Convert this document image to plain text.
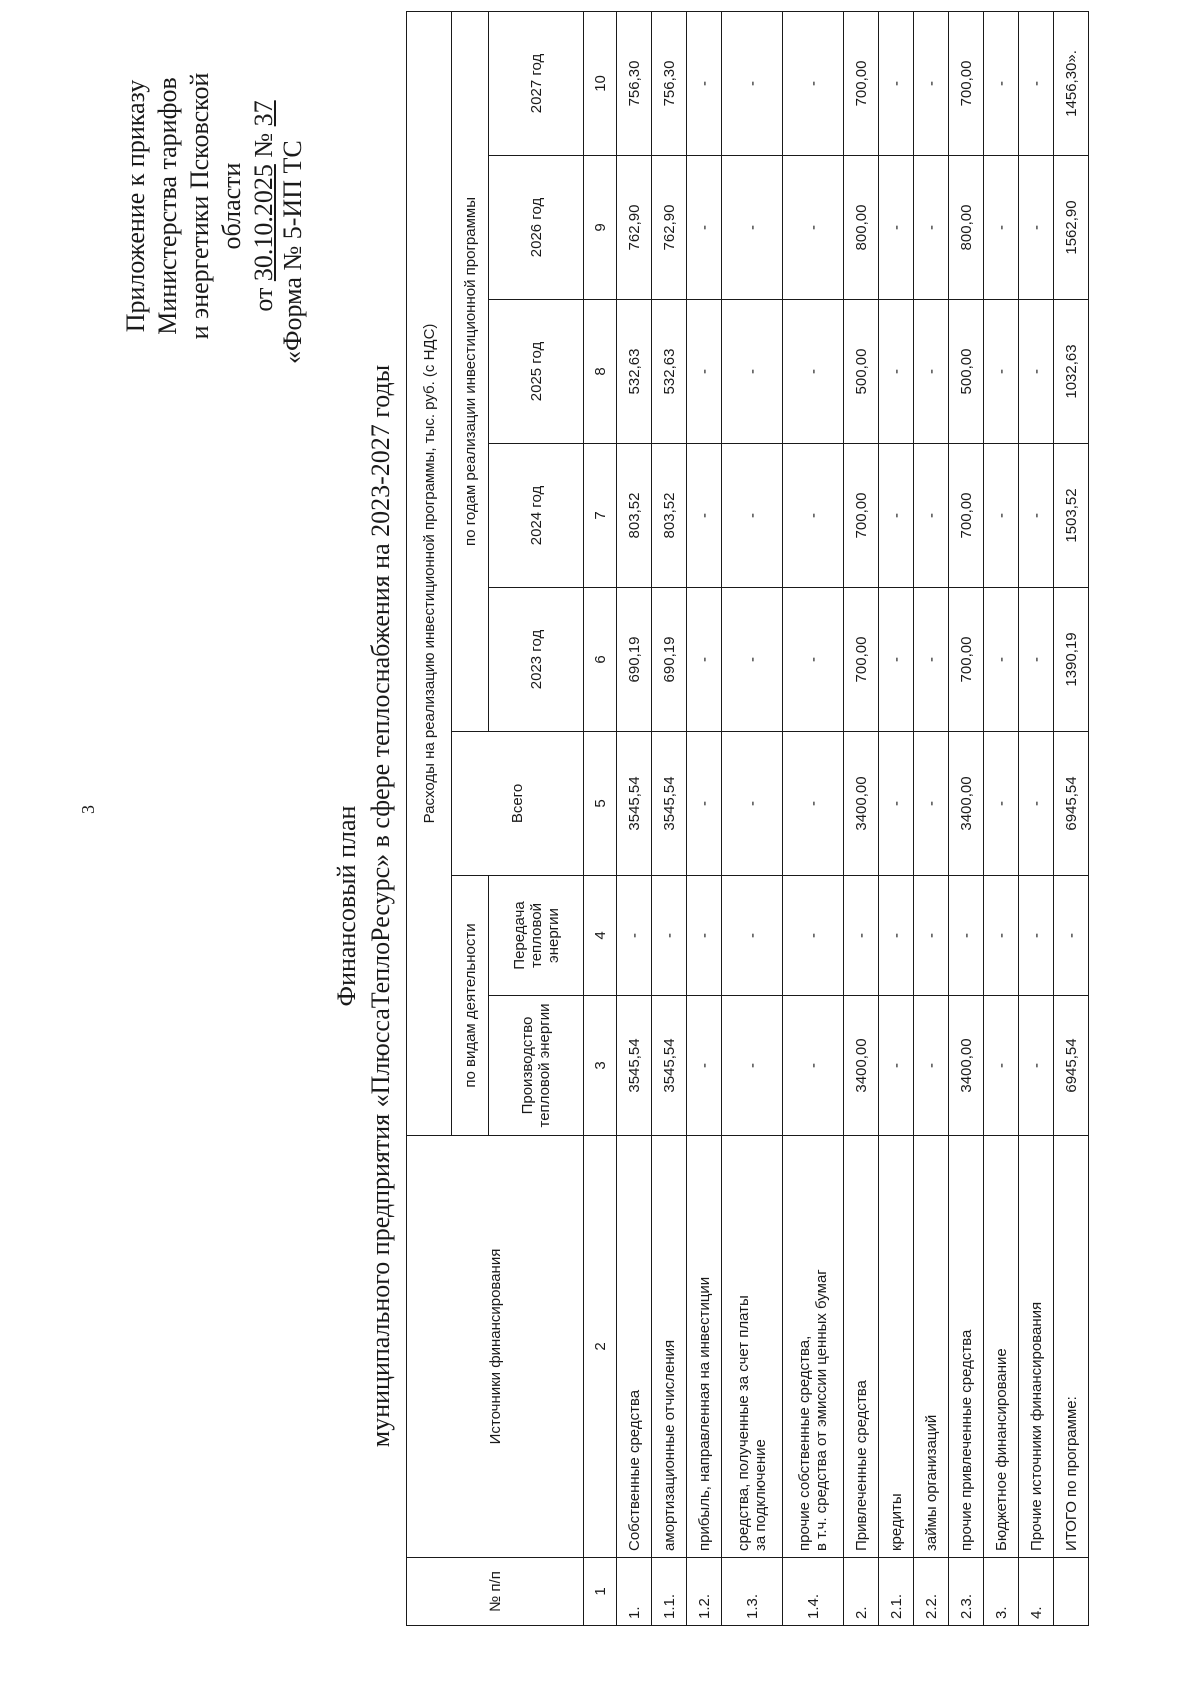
3
Приложение к приказу Министерства тарифов и энергетики Псковской области
от 30.10.2025 № 37
«Форма № 5-ИП ТС
Финансовый план муниципального предприятия «ПлюссаТеплоРесурс» в сфере теплоснабжения на 2023-2027 годы
№ п/п	Источники финансирования	Расходы на реализацию инвестиционной программы, тыс. руб. (с НДС)							
		по видам деятельности		Всего	по годам реализации инвестиционной программы				
		Производство тепловой энергии	Передача тепловой энергии		2023 год	2024 год	2025 год	2026 год	2027 год
1	2	3	4	5	6	7	8	9	10
1.	Собственные средства	3545,54	-	3545,54	690,19	803,52	532,63	762,90	756,30
1.1.	амортизационные отчисления	3545,54	-	3545,54	690,19	803,52	532,63	762,90	756,30
1.2.	прибыль, направленная на инвестиции	-	-	-	-	-	-	-	-
1.3.	средства, полученные за счет платы за подключение	-	-	-	-	-	-	-	-
1.4.	прочие собственные средства, в т.ч. средства от эмиссии ценных бумаг	-	-	-	-	-	-	-	-
2.	Привлеченные средства	3400,00	-	3400,00	700,00	700,00	500,00	800,00	700,00
2.1.	кредиты	-	-	-	-	-	-	-	-
2.2.	займы организаций	-	-	-	-	-	-	-	-
2.3.	прочие привлеченные средства	3400,00	-	3400,00	700,00	700,00	500,00	800,00	700,00
3.	Бюджетное финансирование	-	-	-	-	-	-	-	-
4.	Прочие источники финансирования	-	-	-	-	-	-	-	-

	ИТОГО по программе:	6945,54	-	6945,54	1390,19	1503,52	1032,63	1562,90	1456,30».
